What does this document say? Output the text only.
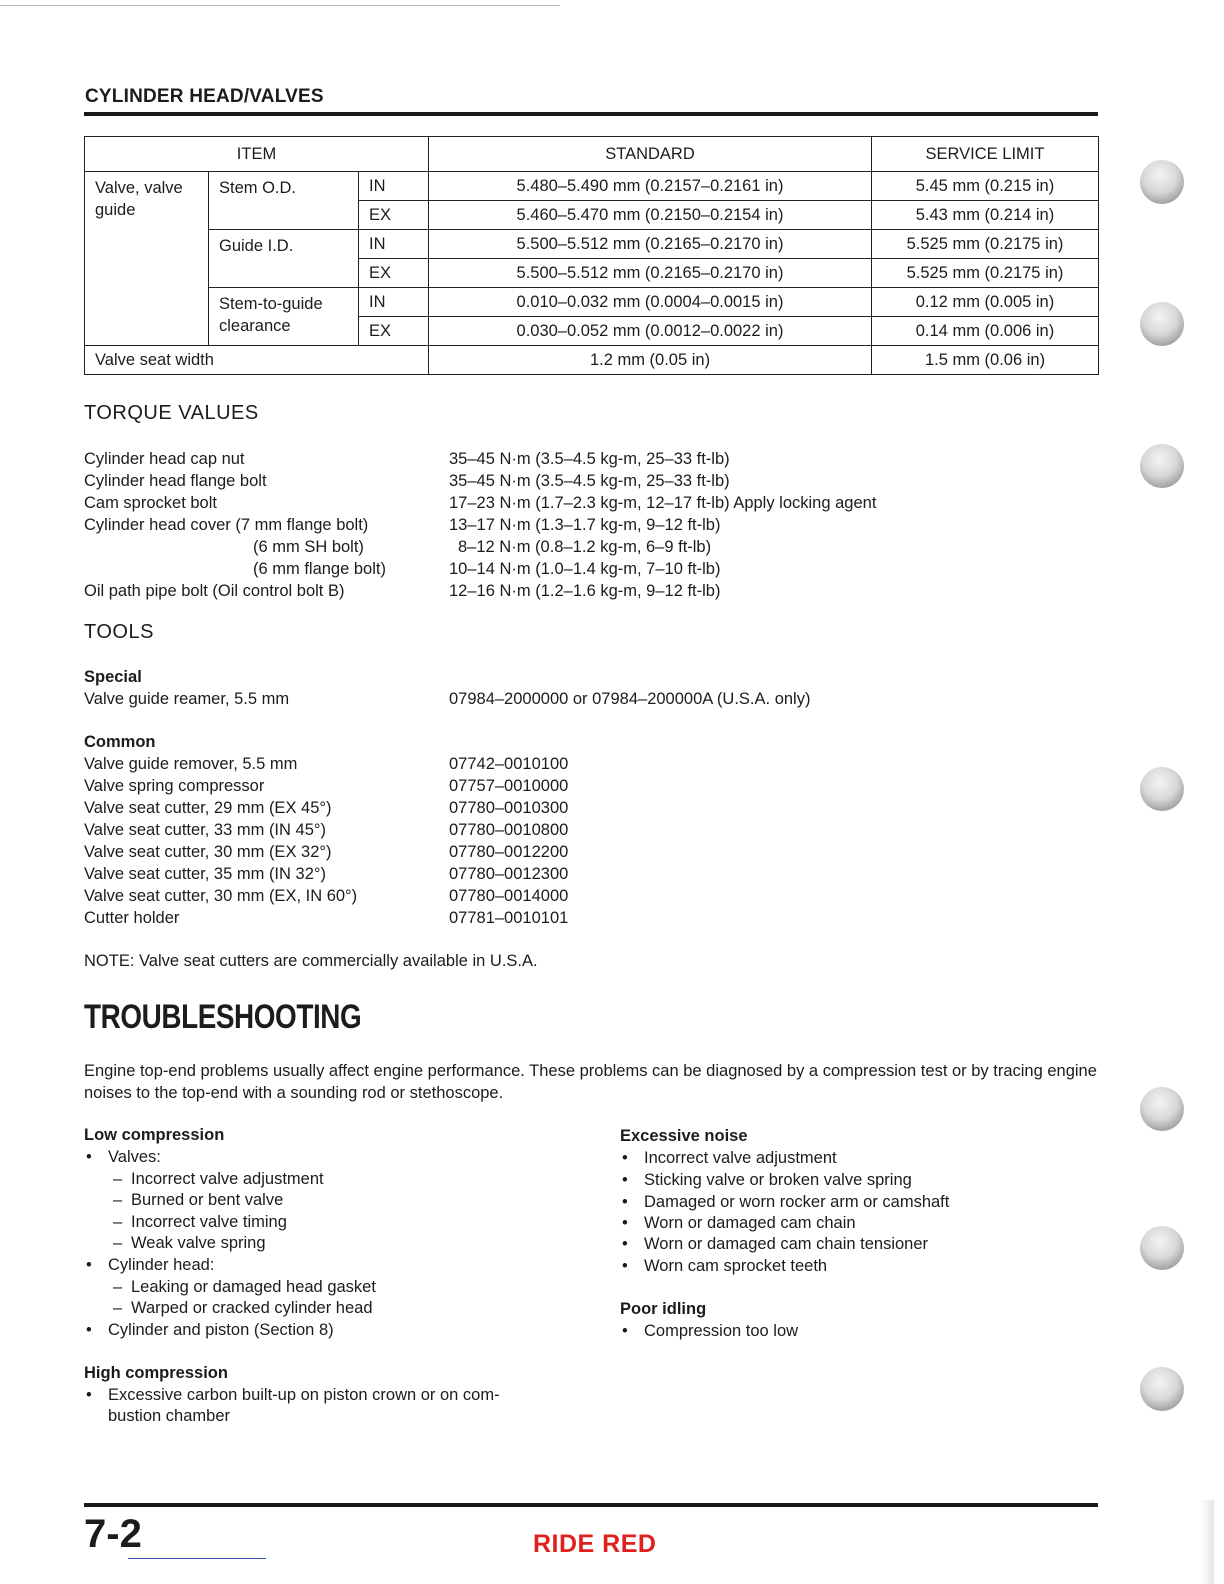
CYLINDER HEAD/VALVES
ITEM			STANDARD	SERVICE LIMIT
Valve, valve guide	Stem O.D.	IN	5.480–5.490 mm (0.2157–0.2161 in)	5.45 mm (0.215 in)
		EX	5.460–5.470 mm (0.2150–0.2154 in)	5.43 mm (0.214 in)
	Guide I.D.	IN	5.500–5.512 mm (0.2165–0.2170 in)	5.525 mm (0.2175 in)
		EX	5.500–5.512 mm (0.2165–0.2170 in)	5.525 mm (0.2175 in)
	Stem-to-guide clearance	IN	0.010–0.032 mm (0.0004–0.0015 in)	0.12 mm (0.005 in)
		EX	0.030–0.052 mm (0.0012–0.0022 in)	0.14 mm (0.006 in)
Valve seat width			1.2 mm (0.05 in)	1.5 mm (0.06 in)
TORQUE VALUES
Cylinder head cap nut	35–45 N·m (3.5–4.5 kg-m, 25–33 ft-lb)
Cylinder head flange bolt	35–45 N·m (3.5–4.5 kg-m, 25–33 ft-lb)
Cam sprocket bolt	17–23 N·m (1.7–2.3 kg-m, 12–17 ft-lb) Apply locking agent
Cylinder head cover (7 mm flange bolt)	13–17 N·m (1.3–1.7 kg-m, 9–12 ft-lb)
(6 mm SH bolt)	8–12 N·m (0.8–1.2 kg-m, 6–9 ft-lb)
(6 mm flange bolt)	10–14 N·m (1.0–1.4 kg-m, 7–10 ft-lb)
Oil path pipe bolt (Oil control bolt B)	12–16 N·m (1.2–1.6 kg-m, 9–12 ft-lb)
TOOLS
Special
Valve guide reamer, 5.5 mm	07984–2000000 or 07984–200000A (U.S.A. only)
Common
Valve guide remover, 5.5 mm	07742–0010100
Valve spring compressor	07757–0010000
Valve seat cutter, 29 mm (EX 45°)	07780–0010300
Valve seat cutter, 33 mm (IN 45°)	07780–0010800
Valve seat cutter, 30 mm (EX 32°)	07780–0012200
Valve seat cutter, 35 mm (IN 32°)	07780–0012300
Valve seat cutter, 30 mm (EX, IN 60°)	07780–0014000
Cutter holder	07781–0010101
NOTE: Valve seat cutters are commercially available in U.S.A.
TROUBLESHOOTING
Engine top-end problems usually affect engine performance. These problems can be diagnosed by a compression test or by tracing engine noises to the top-end with a sounding rod or stethoscope.
Low compression
• Valves:
– Incorrect valve adjustment
– Burned or bent valve
– Incorrect valve timing
– Weak valve spring
• Cylinder head:
– Leaking or damaged head gasket
– Warped or cracked cylinder head
• Cylinder and piston (Section 8)
High compression
• Excessive carbon built-up on piston crown or on com-
bustion chamber
Excessive noise
• Incorrect valve adjustment
• Sticking valve or broken valve spring
• Damaged or worn rocker arm or camshaft
• Worn or damaged cam chain
• Worn or damaged cam chain tensioner
• Worn cam sprocket teeth
Poor idling
• Compression too low
7-2	RIDE RED
